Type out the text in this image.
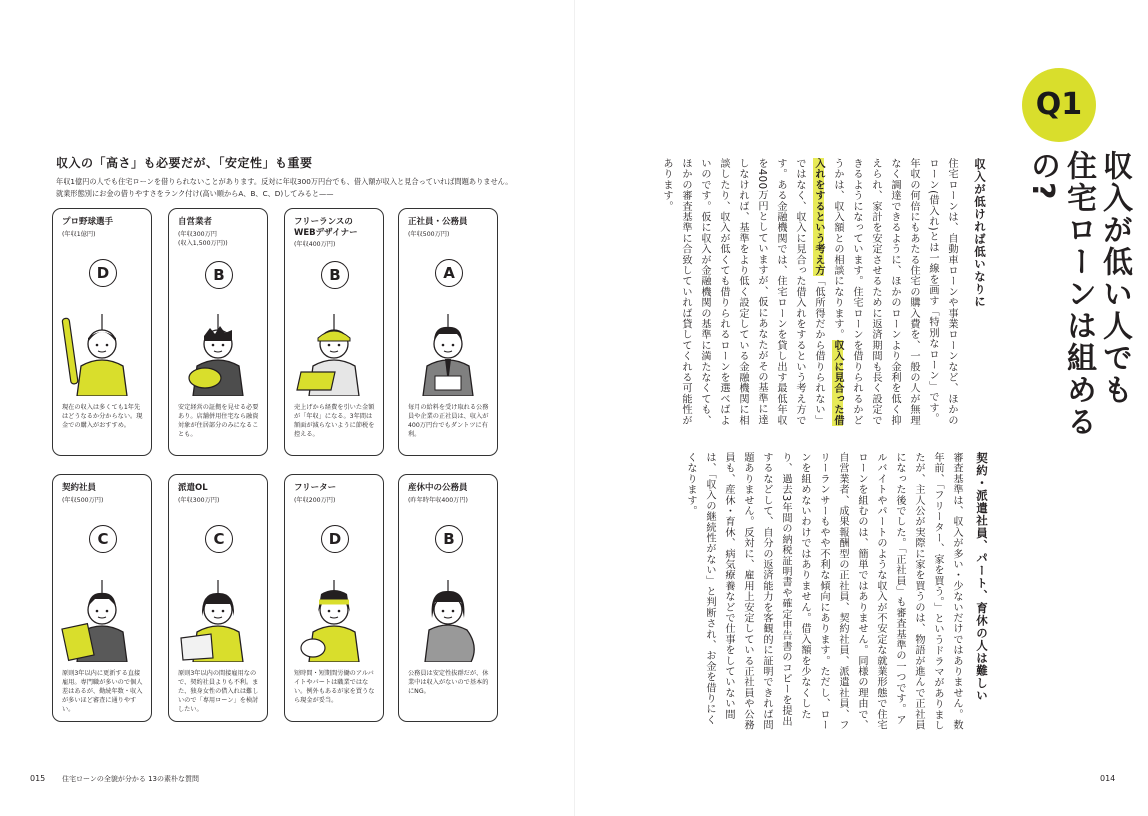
収入の「高さ」も必要だが、「安定性」も重要
年収1億円の人でも住宅ローンを借りられないことがあります。反対に年収300万円台でも、借入額が収入と見合っていれば問題ありません。就業形態別にお金の借りやすさをランク付け(高い順からA、B、C、D)してみると——
プロ野球選手
(年収1億円)
D
現在の収入は多くても1年先はどうなるか分からない。現金での購入がおすすめ。
自営業者
(年収300万円
(収入1,500万円))
B
安定経営の証拠を見せる必要あり。店舗併用住宅なら融資対象が住居部分のみになることも。
フリーランスの
WEBデザイナー
(年収400万円)
B
売上げから経費を引いた金額が「年収」になる。3年間は額面が減らないように節税を控える。
正社員・公務員
(年収500万円)
A
毎月の給料を受け取れる公務員や企業の正社員は、収入が400万円台でもダントツに有利。
契約社員
(年収500万円)
C
原則3年以内に更新する直接雇用。専門職が多いので個人差はあるが、勤続年数・収入が多いほど審査に通りやすい。
派遣OL
(年収300万円)
C
原則3年以内の間接雇用なので、契約社員よりも不利。また、独身女性の借入れは難しいので「専用ローン」を検討したい。
フリーター
(年収200万円)
D
短時間・短期間労働のアルバイトやパートは職業ではない。例外もあるが家を買うなら現金が妥当。
産休中の公務員
(昨年時年収400万円)
B
公務員は安定性抜群だが、休業中は収入がないので基本的にNG。
015 住宅ローンの全貌が分かる 13の素朴な質問
Q1
収入が低い人でも
住宅ローンは組めるの?
収入が低ければ低いなりに
住宅ローンは、自動車ローンや事業ローンなど、ほかのローン(借入れ)とは一線を画す「特別なローン」です。年収の何倍にもあたる住宅の購入費を、一般の人が無理なく調達できるように、ほかのローンより金利を低く抑えられ、家計を安定させるために返済期間も長く設定できるようになっています。住宅ローンを借りられるかどうかは、収入額との相談になります。収入に見合った借入れをするという考え方「低所得だから借りられない」ではなく、収入に見合った借入れをするという考え方です。ある金融機関では、住宅ローンを貸し出す最低年収を400万円としていますが、仮にあなたがその基準に達しなければ、基準をより低く設定している金融機関に相談したり、収入が低くても借りられるローンを選べばよいのです。仮に収入が金融機関の基準に満たなくても、ほかの審査基準に合致していれば貸してくれる可能性があります。
契約・派遣社員、パート、育休の人は難しい
審査基準は、収入が多い・少ないだけではありません。数年前、「フリーター、家を買う。」というドラマがありましたが、主人公が実際に家を買うのは、物語が進んで正社員になった後でした。「正社員」も審査基準の一つです。アルバイトやパートのような収入が不安定な就業形態で住宅ローンを組むのは、簡単ではありません。同様の理由で、自営業者、成果報酬型の正社員、契約社員、派遣社員、フリーランサーもやや不利な傾向にあります。ただし、ローンを組めないわけではありません。借入額を少なくしたり、過去3年間の納税証明書や確定申告書のコピーを提出するなどして、自分の返済能力を客観的に証明できれば問題ありません。反対に、雇用上安定している正社員や公務員も、産休・育休、病気療養などで仕事をしていない間は、「収入の継続性がない」と判断され、お金を借りにくくなります。
014
